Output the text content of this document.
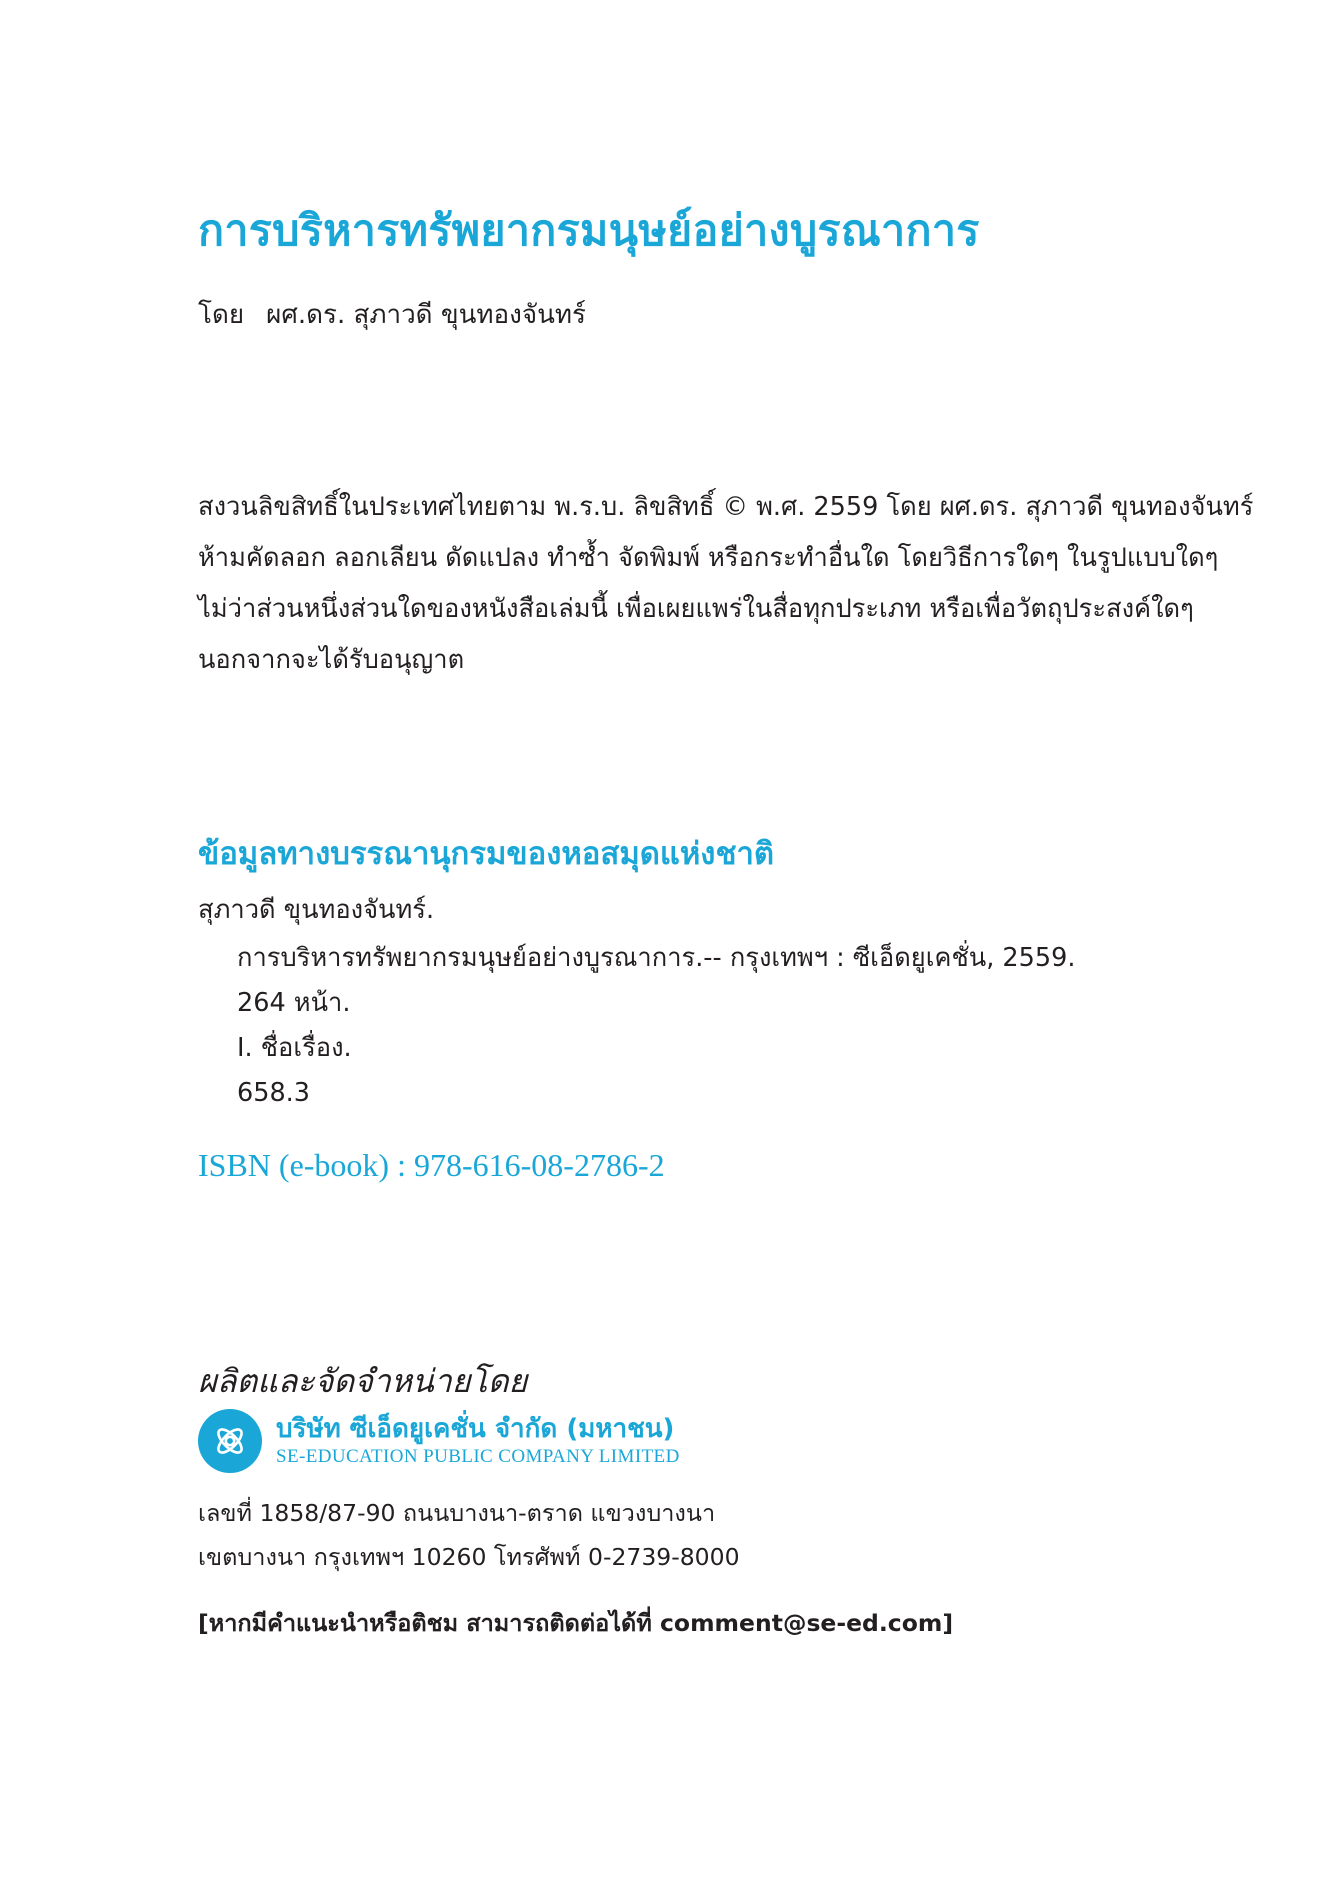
การบริหารทรัพยากรมนุษย์อย่างบูรณาการ
โดย ผศ.ดร. สุภาวดี ขุนทองจันทร์
สงวนลิขสิทธิ์ในประเทศไทยตาม พ.ร.บ. ลิขสิทธิ์ © พ.ศ. 2559 โดย ผศ.ดร. สุภาวดี ขุนทองจันทร์
ห้ามคัดลอก ลอกเลียน ดัดแปลง ทำซ้ำ จัดพิมพ์ หรือกระทำอื่นใด โดยวิธีการใดๆ ในรูปแบบใดๆ
ไม่ว่าส่วนหนึ่งส่วนใดของหนังสือเล่มนี้ เพื่อเผยแพร่ในสื่อทุกประเภท หรือเพื่อวัตถุประสงค์ใดๆ
นอกจากจะได้รับอนุญาต
ข้อมูลทางบรรณานุกรมของหอสมุดแห่งชาติ
สุภาวดี ขุนทองจันทร์.
การบริหารทรัพยากรมนุษย์อย่างบูรณาการ.-- กรุงเทพฯ : ซีเอ็ดยูเคชั่น, 2559.
264 หน้า.
I. ชื่อเรื่อง.
658.3
ISBN (e-book) : 978-616-08-2786-2
ผลิตและจัดจำหน่ายโดย
บริษัท ซีเอ็ดยูเคชั่น จำกัด (มหาชน)
SE-EDUCATION PUBLIC COMPANY LIMITED
เลขที่ 1858/87-90 ถนนบางนา-ตราด แขวงบางนา
เขตบางนา กรุงเทพฯ 10260 โทรศัพท์ 0-2739-8000
[หากมีคำแนะนำหรือติชม สามารถติดต่อได้ที่ comment@se-ed.com]
